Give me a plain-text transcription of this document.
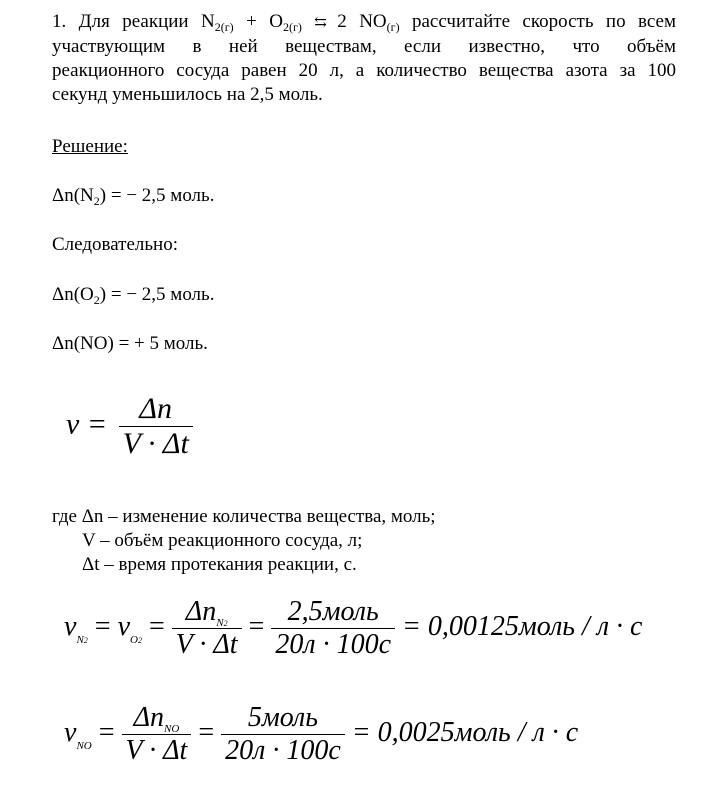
1. Для реакции $N_{2(г)} + O_{2(г)}$ ⇆ 2 $NO_{(г)}$ рассчитайте скорость по всем
участвующим в ней веществам, если известно, что объём
реакционного сосуда равен 20 л, а количество вещества азота за 100
секунд уменьшилось на 2,5 моль.
Решение:
$\Delta n(N_2)$ = − 2,5 моль.
Следовательно:
$\Delta n(O_2)$ = − 2,5 моль.
Δn(NO) = + 5 моль.
$v = \frac{\Delta n}{V \cdot \Delta t}$
где Δn – изменение количества вещества, моль;
V – объём реакционного сосуда, л;
Δt – время протекания реакции, с.
$v_{N2} = v_{O2} = \frac{\Delta n_{N2}}{V \cdot \Delta t} = \frac{\text{2,5моль}}{20л \cdot 100с}$ = 0,00125моль / л · с
$v_{NO} = \frac{\Delta n_{NO}}{V \cdot \Delta t} = \frac{\text{5моль}}{20л \cdot 100с}$ = 0,0025моль / л · с
